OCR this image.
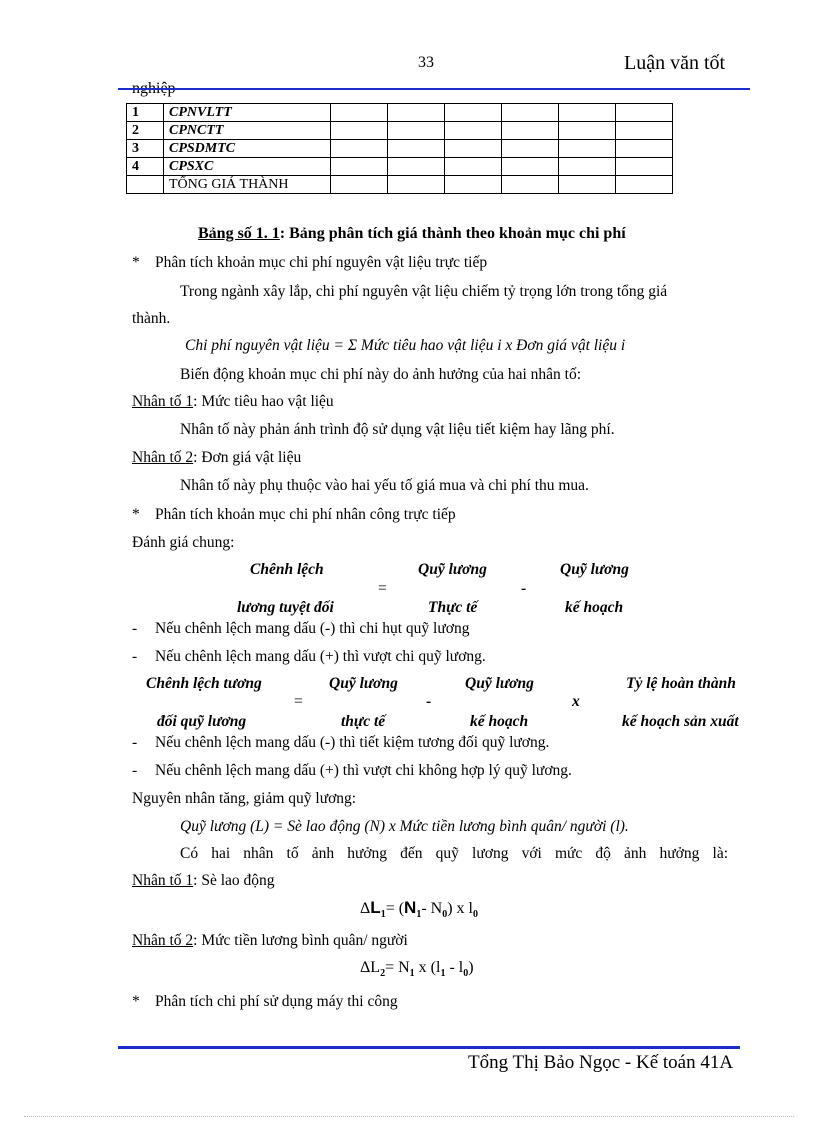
33	Luận văn tốt
nghiệp
1	CPNVLTT						
2	CPNCTT						
3	CPSDMTC						
4	CPSXC						
	TỔNG GIÁ THÀNH						
Bảng số 1. 1: Bảng phân tích giá thành theo khoản mục chi phí
* Phân tích khoản mục chi phí nguyên vật liệu trực tiếp
Trong ngành xây lắp, chi phí nguyên vật liệu chiếm tỷ trọng lớn trong tổng giá
thành.
Chi phí nguyên vật liệu = Σ Mức tiêu hao vật liệu i x Đơn giá vật liệu i
Biến động khoản mục chi phí này do ảnh hưởng của hai nhân tố:
Nhân tố 1: Mức tiêu hao vật liệu
Nhân tố này phản ánh trình độ sử dụng vật liệu tiết kiệm hay lãng phí.
Nhân tố 2: Đơn giá vật liệu
Nhân tố này phụ thuộc vào hai yếu tố giá mua và chi phí thu mua.
* Phân tích khoản mục chi phí nhân công trực tiếp
Đánh giá chung:
Chênh lệch
lương tuyệt đối
=
Quỹ lương
Thực tế
-
Quỹ lương
kế hoạch
- Nếu chênh lệch mang dấu (-) thì chi hụt quỹ lương
- Nếu chênh lệch mang dấu (+) thì vượt chi quỹ lương.
Chênh lệch tương
đối quỹ lương
=
Quỹ lương
thực tế
-
Quỹ lương
kế hoạch
x
Tỷ lệ hoàn thành
kế hoạch sản xuất
- Nếu chênh lệch mang dấu (-) thì tiết kiệm tương đối quỹ lương.
- Nếu chênh lệch mang dấu (+) thì vượt chi không hợp lý quỹ lương.
Nguyên nhân tăng, giảm quỹ lương:
Quỹ lương (L) = Sè lao động (N) x Mức tiền lương bình quân/ người (l).
Có hai nhân tố ảnh hưởng đến quỹ lương với mức độ ảnh hưởng là:
Nhân tố 1: Sè lao động
$\Delta L_1= (N_1-$ $N_0$) x $l_0$
Nhân tố 2: Mức tiền lương bình quân/ người
$\Delta L_2= N_1$ x $(l_1 - l_0)$
* Phân tích chi phí sử dụng máy thi công
Tổng Thị Bảo Ngọc - Kế toán 41A
